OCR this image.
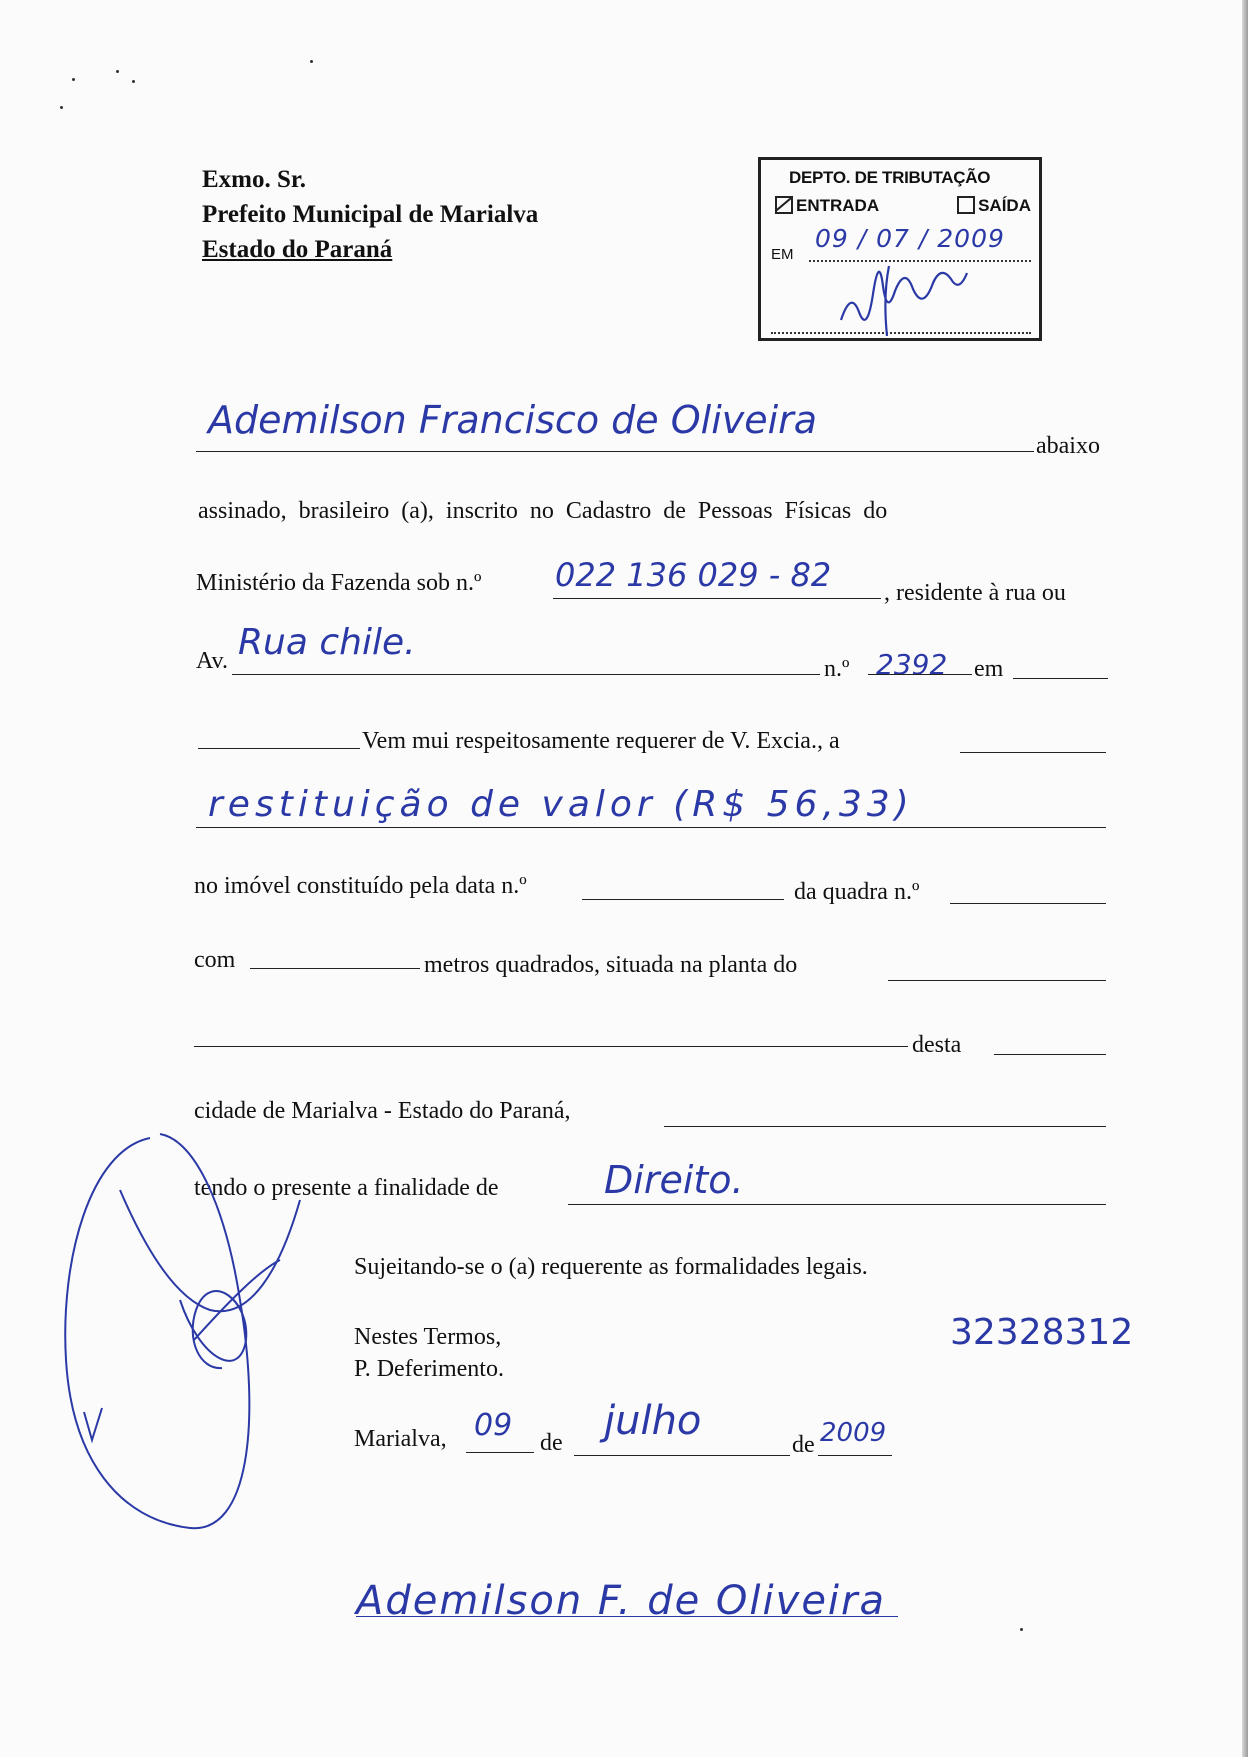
Exmo. Sr.
Prefeito Municipal de Marialva
Estado do Paraná
DEPTO. DE TRIBUTAÇÃO
ENTRADA	SAÍDA
EM
09 / 07 / 2009
Ademilson Francisco de Oliveira
abaixo
assinado, brasileiro (a), inscrito no Cadastro de Pessoas Físicas do
Ministério da Fazenda sob n.º 022 136 029 - 82 , residente à rua ou
Av. Rua chile.
n.º 2392 em
Vem mui respeitosamente requerer de V. Excia., a
restituição de valor (R$ 56,33)
no imóvel constituído pela data n.º	da quadra n.º
com	metros quadrados, situada na planta do
desta
cidade de Marialva - Estado do Paraná,
tendo o presente a finalidade de	Direito.
Sujeitando-se o (a) requerente as formalidades legais.
Nestes Termos,
P. Deferimento.
32328312
Marialva, 09 de julho
de 2009
Ademilson F. de Oliveira
